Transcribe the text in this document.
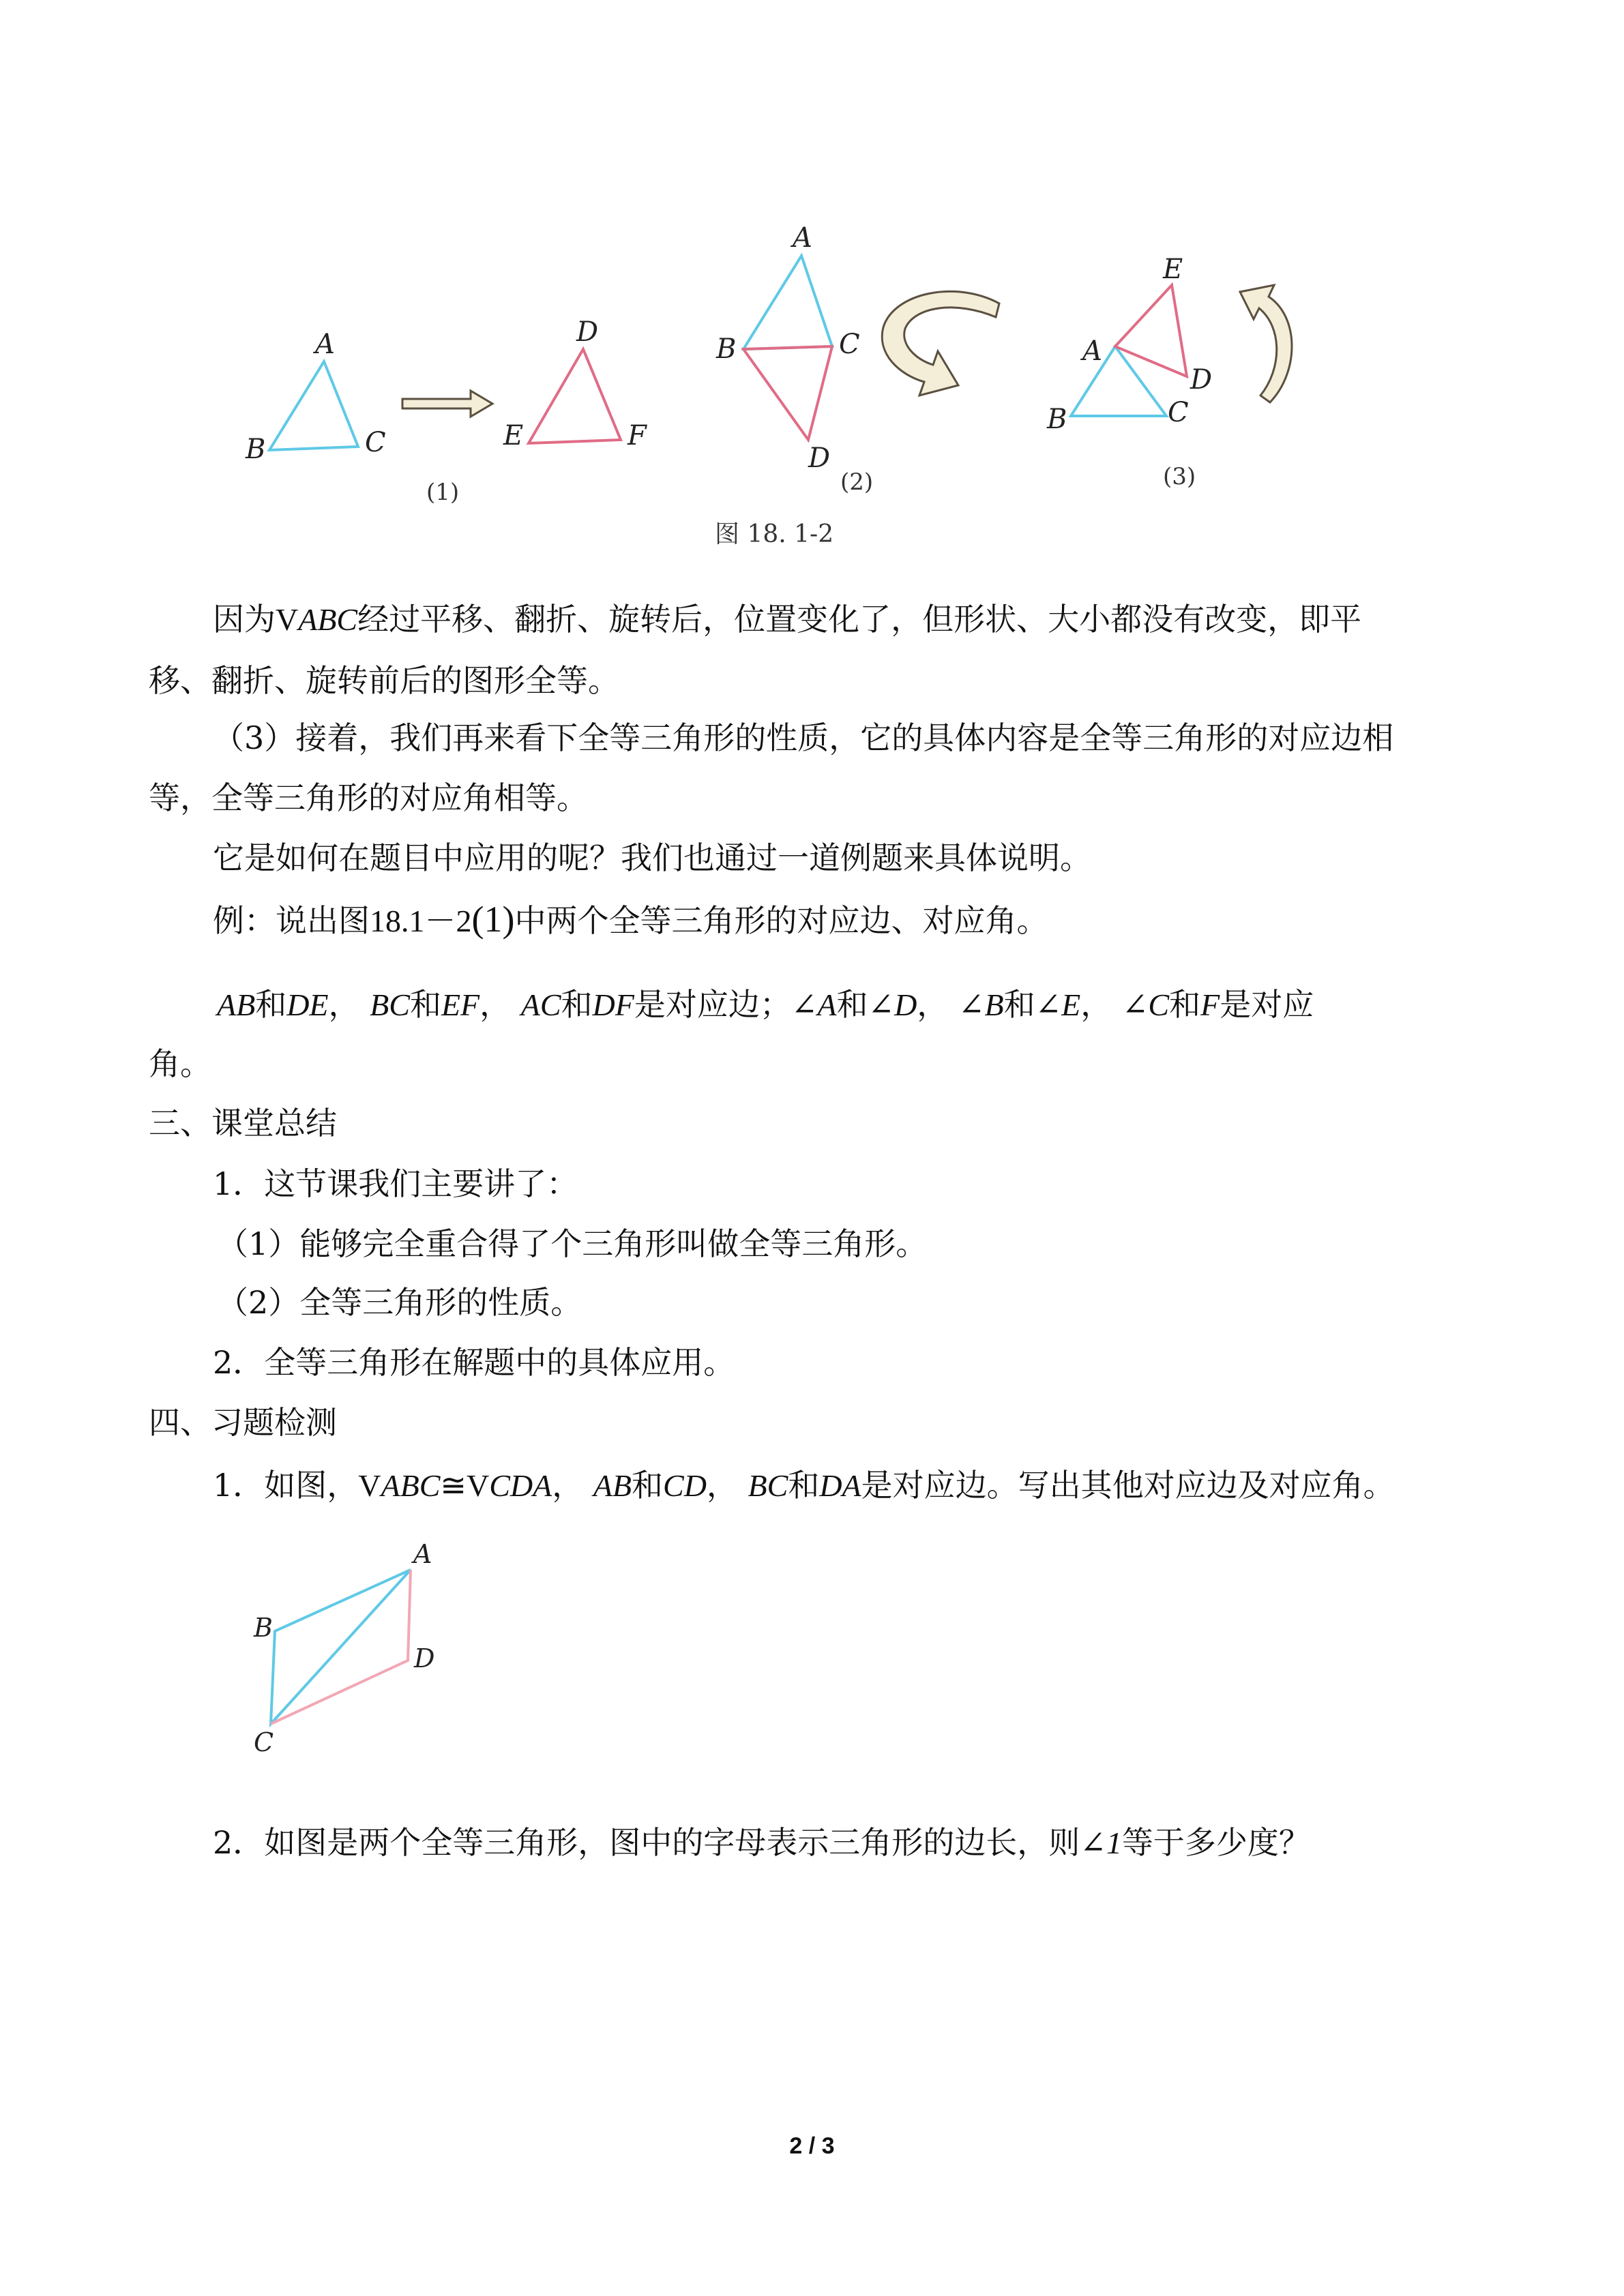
A
B	C
D
E	F
(1)
A
B	C
D
(2)
E
A
D
B	C
(3)
图 18. 1-2
因为VABC经过平移、翻折、旋转后，位置变化了，但形状、大小都没有改变，即平
移、翻折、旋转前后的图形全等。
（3）接着，我们再来看下全等三角形的性质，它的具体内容是全等三角形的对应边相
等，全等三角形的对应角相等。
它是如何在题目中应用的呢？我们也通过一道例题来具体说明。
例：说出图18.1－2(1)中两个全等三角形的对应边、对应角。
AB和DE， BC和EF， AC和DF是对应边；∠A和∠D， ∠B和∠E， ∠C和F是对应
角。
三、课堂总结
1．这节课我们主要讲了：
（1）能够完全重合得了个三角形叫做全等三角形。
（2）全等三角形的性质。
2．全等三角形在解题中的具体应用。
四、习题检测
1．如图，VABC≅VCDA， AB和CD， BC和DA是对应边。写出其他对应边及对应角。
A
B
D
C
2．如图是两个全等三角形，图中的字母表示三角形的边长，则∠1等于多少度？
2 / 3
